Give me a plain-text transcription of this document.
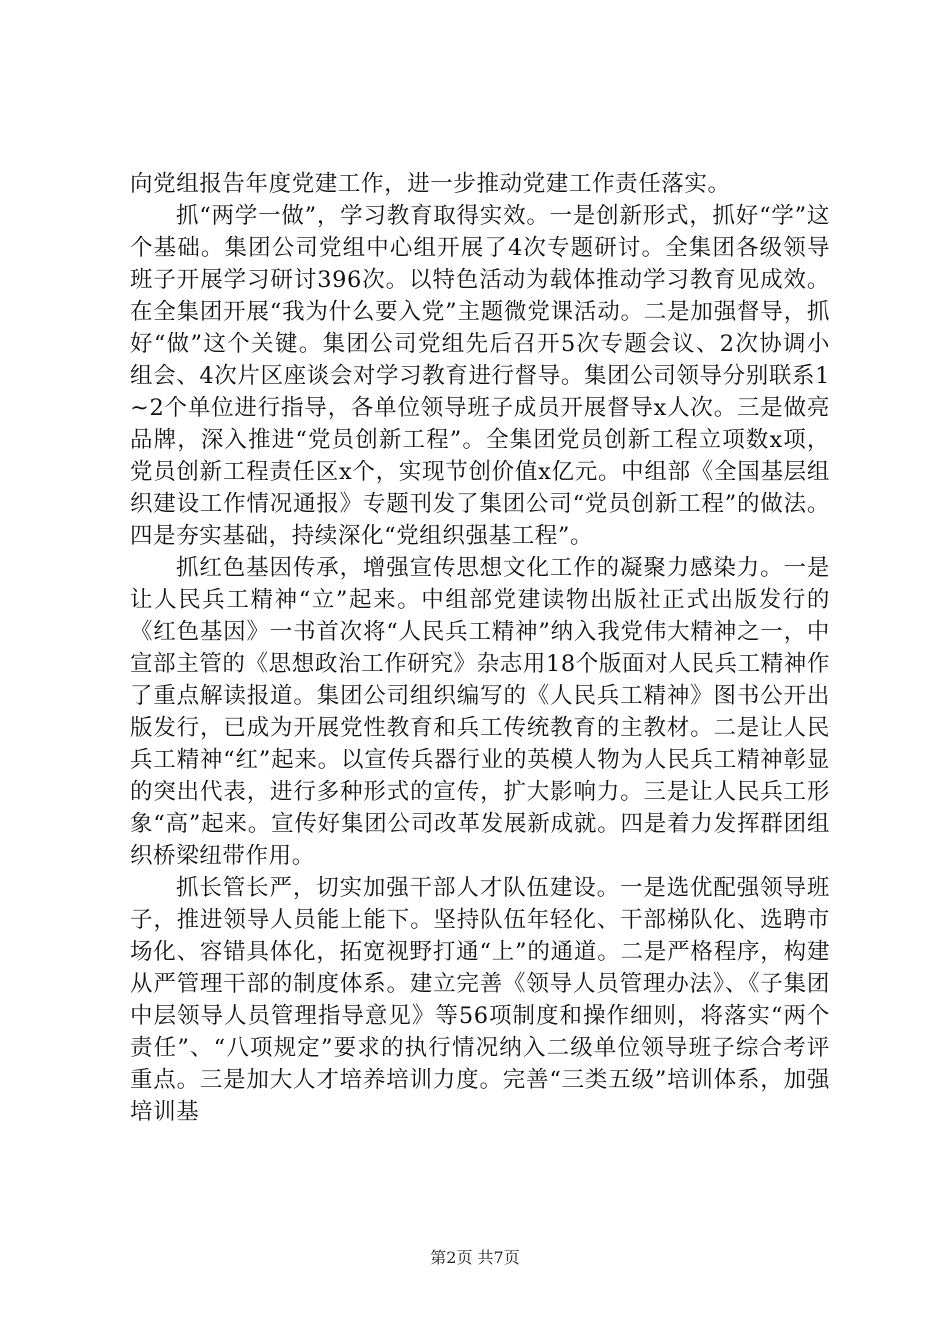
向党组报告年度党建工作，进一步推动党建工作责任落实。

抓“两学一做”，学习教育取得实效。一是创新形式，抓好“学”这个基础。集团公司党组中心组开展了4次专题研讨。全集团各级领导班子开展学习研讨396次。以特色活动为载体推动学习教育见成效。在全集团开展“我为什么要入党”主题微党课活动。二是加强督导，抓好“做”这个关键。集团公司党组先后召开5次专题会议、2次协调小组会、4次片区座谈会对学习教育进行督导。集团公司领导分别联系1~2个单位进行指导，各单位领导班子成员开展督导x人次。三是做亮品牌，深入推进“党员创新工程”。全集团党员创新工程立项数x项，党员创新工程责任区x个，实现节创价值x亿元。中组部《全国基层组织建设工作情况通报》专题刊发了集团公司“党员创新工程”的做法。四是夯实基础，持续深化“党组织强基工程”。

抓红色基因传承，增强宣传思想文化工作的凝聚力感染力。一是让人民兵工精神“立”起来。中组部党建读物出版社正式出版发行的《红色基因》一书首次将“人民兵工精神”纳入我党伟大精神之一，中宣部主管的《思想政治工作研究》杂志用18个版面对人民兵工精神作了重点解读报道。集团公司组织编写的《人民兵工精神》图书公开出版发行，已成为开展党性教育和兵工传统教育的主教材。二是让人民兵工精神“红”起来。以宣传兵器行业的英模人物为人民兵工精神彰显的突出代表，进行多种形式的宣传，扩大影响力。三是让人民兵工形象“高”起来。宣传好集团公司改革发展新成就。四是着力发挥群团组织桥梁纽带作用。

抓长管长严，切实加强干部人才队伍建设。一是选优配强领导班子，推进领导人员能上能下。坚持队伍年轻化、干部梯队化、选聘市场化、容错具体化，拓宽视野打通“上”的通道。二是严格程序，构建从严管理干部的制度体系。建立完善《领导人员管理办法》、《子集团中层领导人员管理指导意见》等56项制度和操作细则，将落实“两个责任”、“八项规定”要求的执行情况纳入二级单位领导班子综合考评重点。三是加大人才培养培训力度。完善“三类五级”培训体系，加强培训基

第2页 共7页
